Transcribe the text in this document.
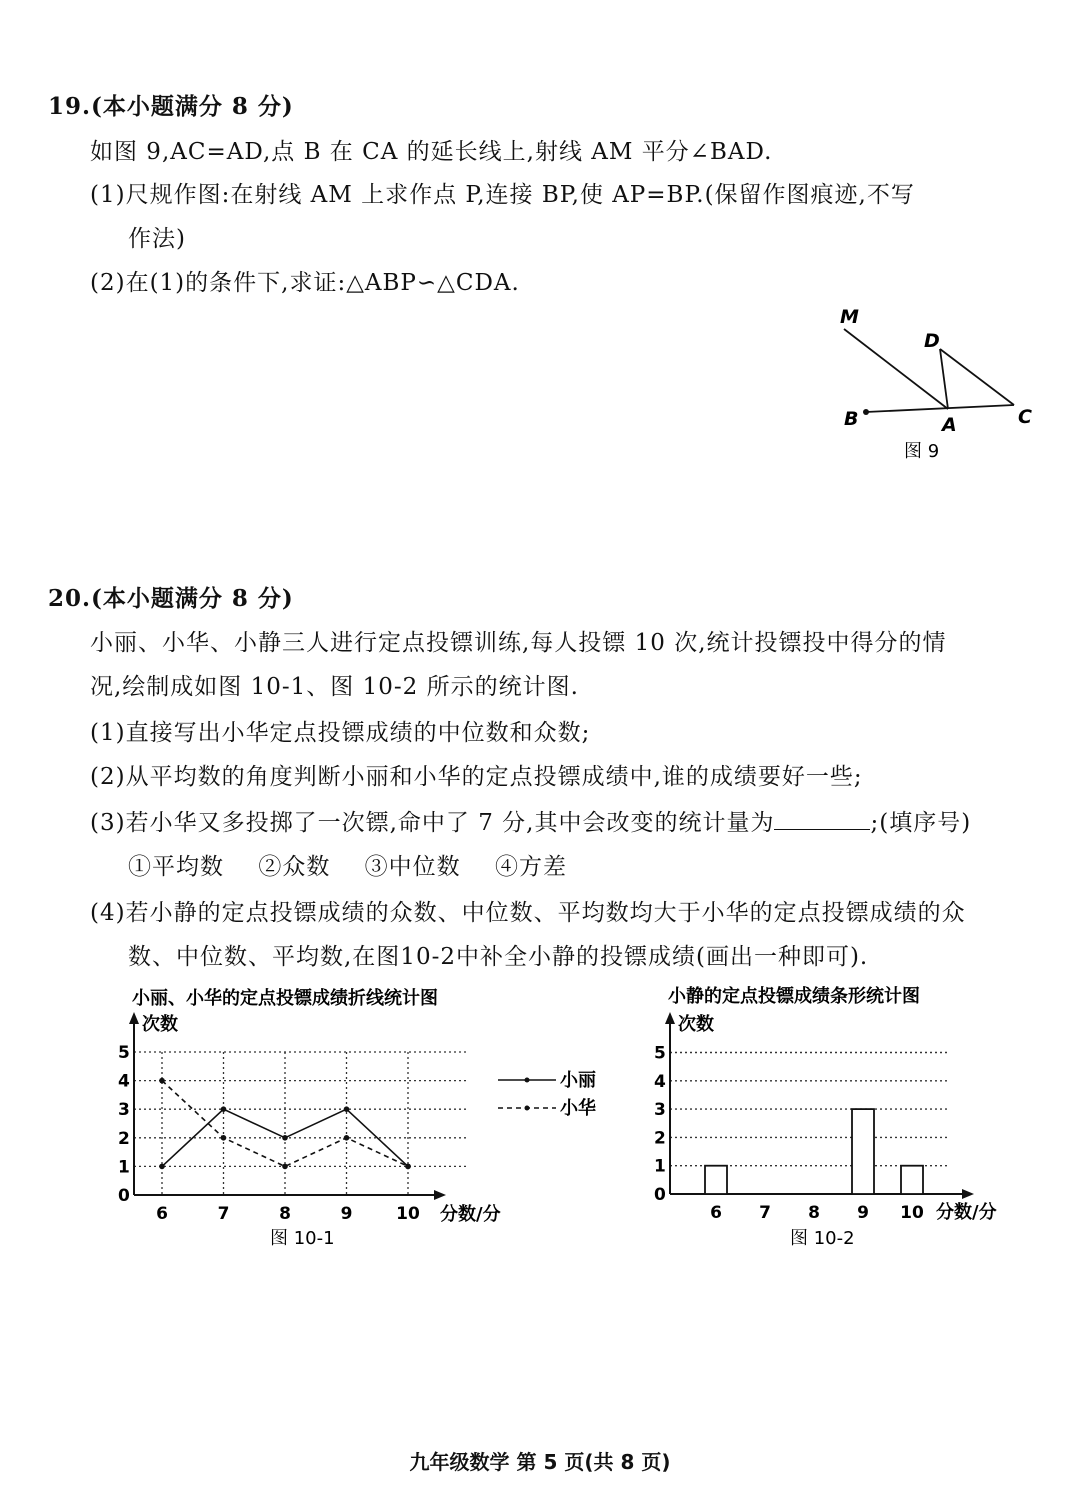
19.(本小题满分 8 分)
如图 9,AC=AD,点 B 在 CA 的延长线上,射线 AM 平分∠BAD.
(1)尺规作图:在射线 AM 上求作点 P,连接 BP,使 AP=BP.(保留作图痕迹,不写
作法)
(2)在(1)的条件下,求证:△ABP∽△CDA.
M
D
B	A	C
图 9
20.(本小题满分 8 分)
小丽、小华、小静三人进行定点投镖训练,每人投镖 10 次,统计投镖投中得分的情
况,绘制成如图 10-1、图 10-2 所示的统计图.
(1)直接写出小华定点投镖成绩的中位数和众数;
(2)从平均数的角度判断小丽和小华的定点投镖成绩中,谁的成绩要好一些;
(3)若小华又多投掷了一次镖,命中了 7 分,其中会改变的统计量为	;(填序号)
①平均数 ②众数 ③中位数 ④方差
(4)若小静的定点投镖成绩的众数、中位数、平均数均大于小华的定点投镖成绩的众
数、中位数、平均数,在图10-2中补全小静的投镖成绩(画出一种即可).
小丽、小华的定点投镖成绩折线统计图
次数
分数/分
图 10-1
0
1
2
3
4
5
6	7	8	9	10
小丽
小华
小静的定点投镖成绩条形统计图
次数
分数/分
图 10-2
0
1
2
3
4
5
6 7 8 9 10
九年级数学 第 5 页(共 8 页)
